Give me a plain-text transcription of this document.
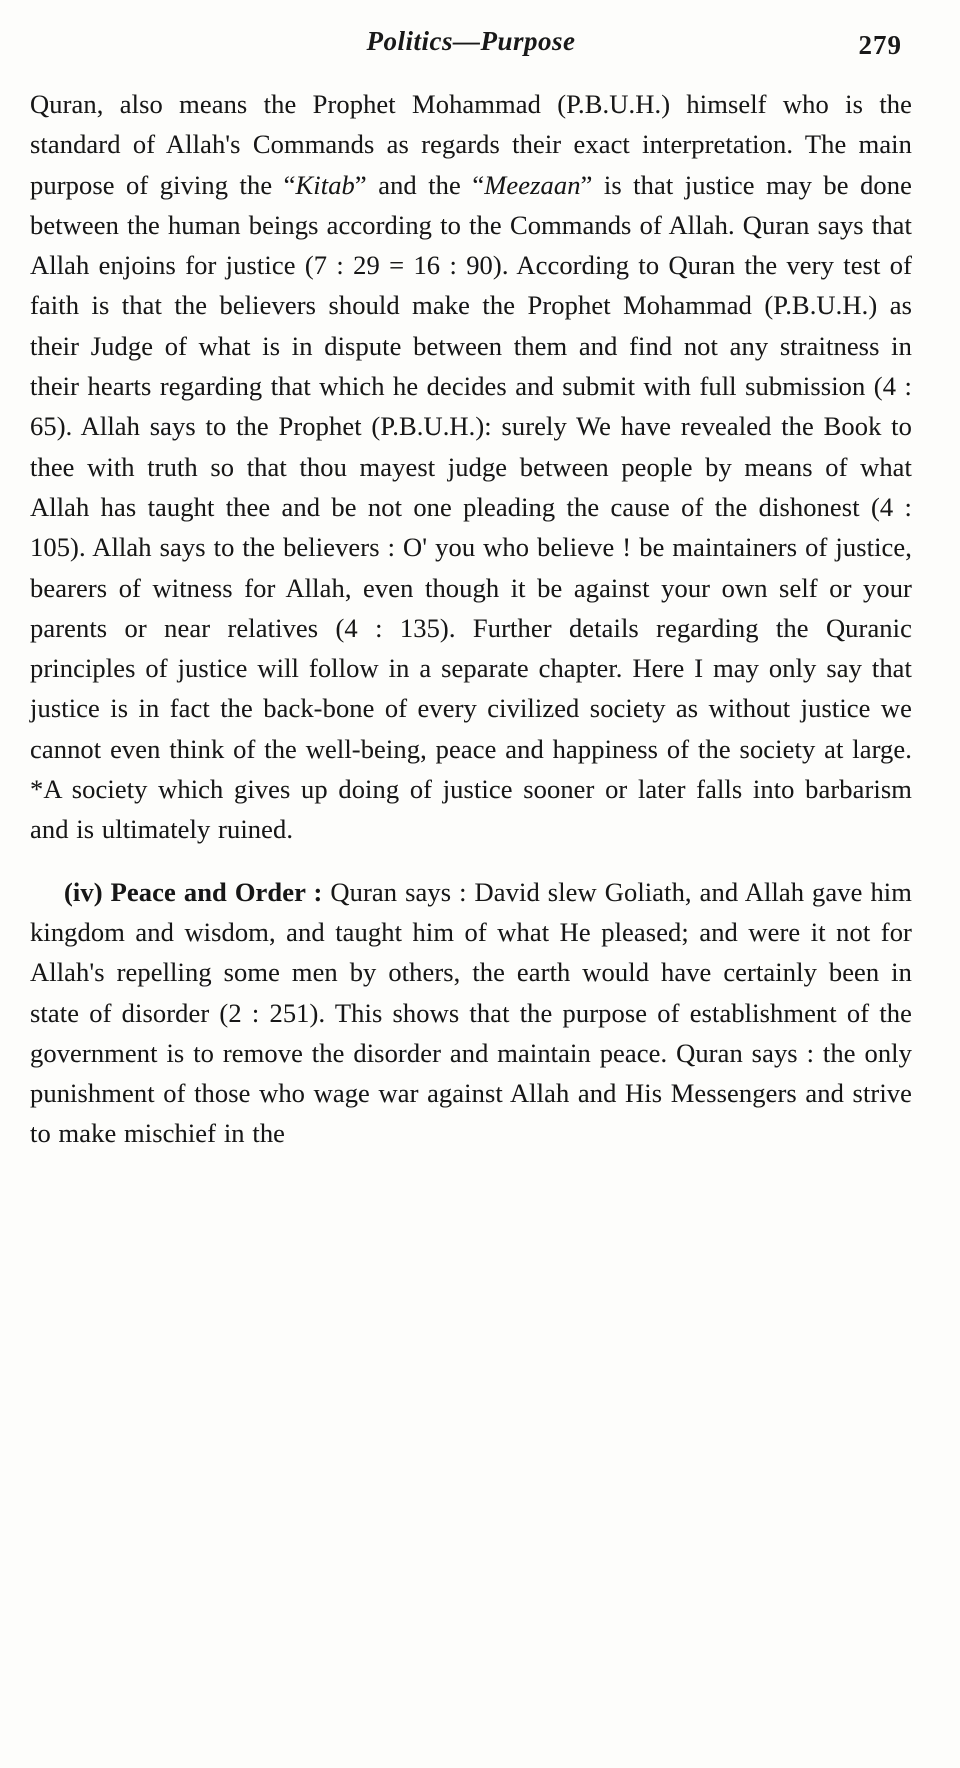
Politics—Purpose	279

Quran, also means the Prophet Mohammad (P.B.U.H.) himself who is the standard of Allah's Commands as regards their exact interpretation. The main purpose of giving the “Kitab” and the “Meezaan” is that justice may be done between the human beings according to the Commands of Allah. Quran says that Allah enjoins for justice (7 : 29 = 16 : 90). According to Quran the very test of faith is that the believers should make the Prophet Mohammad (P.B.U.H.) as their Judge of what is in dispute between them and find not any straitness in their hearts regarding that which he decides and submit with full submission (4 : 65). Allah says to the Prophet (P.B.U.H.): surely We have revealed the Book to thee with truth so that thou mayest judge between people by means of what Allah has taught thee and be not one pleading the cause of the dishonest (4 : 105). Allah says to the believers : O' you who believe ! be maintainers of justice, bearers of witness for Allah, even though it be against your own self or your parents or near relatives (4 : 135). Further details regarding the Quranic principles of justice will follow in a separate chapter. Here I may only say that justice is in fact the back-bone of every civilized society as without justice we cannot even think of the well-being, peace and happiness of the society at large. *A society which gives up doing of justice sooner or later falls into barbarism and is ultimately ruined.

(iv) Peace and Order : Quran says : David slew Goliath, and Allah gave him kingdom and wisdom, and taught him of what He pleased; and were it not for Allah's repelling some men by others, the earth would have certainly been in state of disorder (2 : 251). This shows that the purpose of establishment of the government is to remove the disorder and maintain peace. Quran says : the only punishment of those who wage war against Allah and His Messengers and strive to make mischief in the
